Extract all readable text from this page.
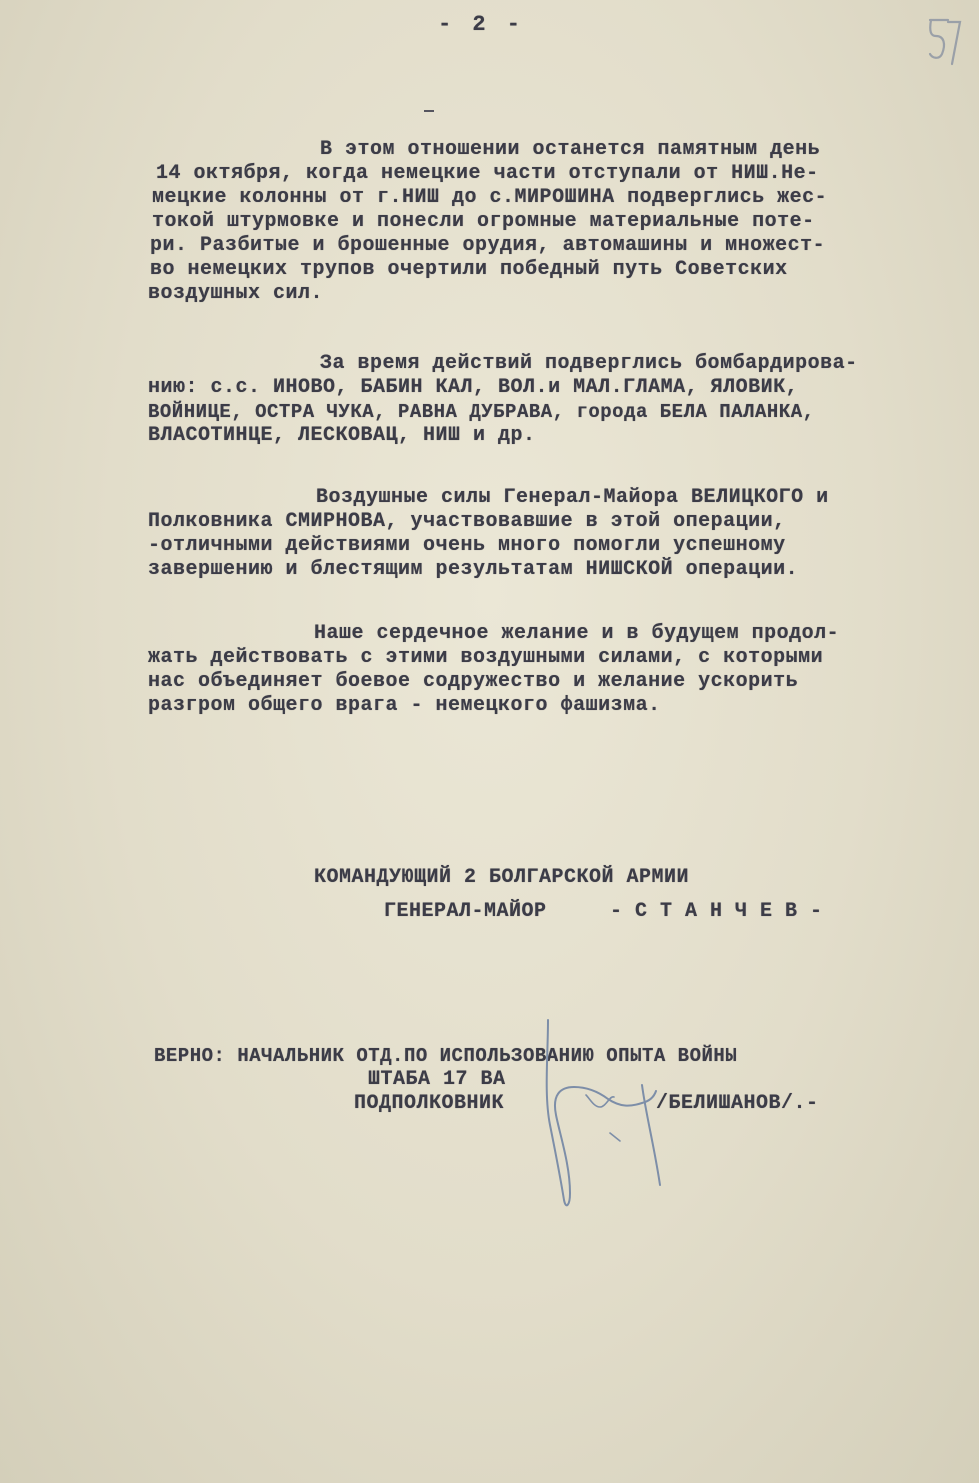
- 2 -
В этом отношении останется памятным день
14 октября, когда немецкие части отступали от НИШ.Не-
мецкие колонны от г.НИШ до с.МИРОШИНА подверглись жес-
токой штурмовке и понесли огромные материальные поте-
ри. Разбитые и брошенные орудия, автомашины и множест-
во немецких трупов очертили победный путь Советских
воздушных сил.
За время действий подверглись бомбардирова-
нию: с.с. ИНОВО, БАБИН КАЛ, ВОЛ.и МАЛ.ГЛАМА, ЯЛОВИК,
ВОЙНИЦЕ, ОСТРА ЧУКА, РАВНА ДУБРАВА, города БЕЛА ПАЛАНКА,
ВЛАСОТИНЦЕ, ЛЕСКОВАЦ, НИШ и др.
Воздушные силы Генерал-Майора ВЕЛИЦКОГО и
Полковника СМИРНОВА, участвовавшие в этой операции,
-отличными действиями очень много помогли успешному
завершению и блестящим результатам НИШСКОЙ операции.
Наше сердечное желание и в будущем продол-
жать действовать с этими воздушными силами, с которыми
нас объединяет боевое содружество и желание ускорить
разгром общего врага - немецкого фашизма.
КОМАНДУЮЩИЙ 2 БОЛГАРСКОЙ АРМИИ
ГЕНЕРАЛ-МАЙОР	- С Т А Н Ч Е В -
ВЕРНО: НАЧАЛЬНИК ОТД.ПО ИСПОЛЬЗОВАНИЮ ОПЫТА ВОЙНЫ
ШТАБА 17 ВА
ПОДПОЛКОВНИК	/БЕЛИШАНОВ/.-
